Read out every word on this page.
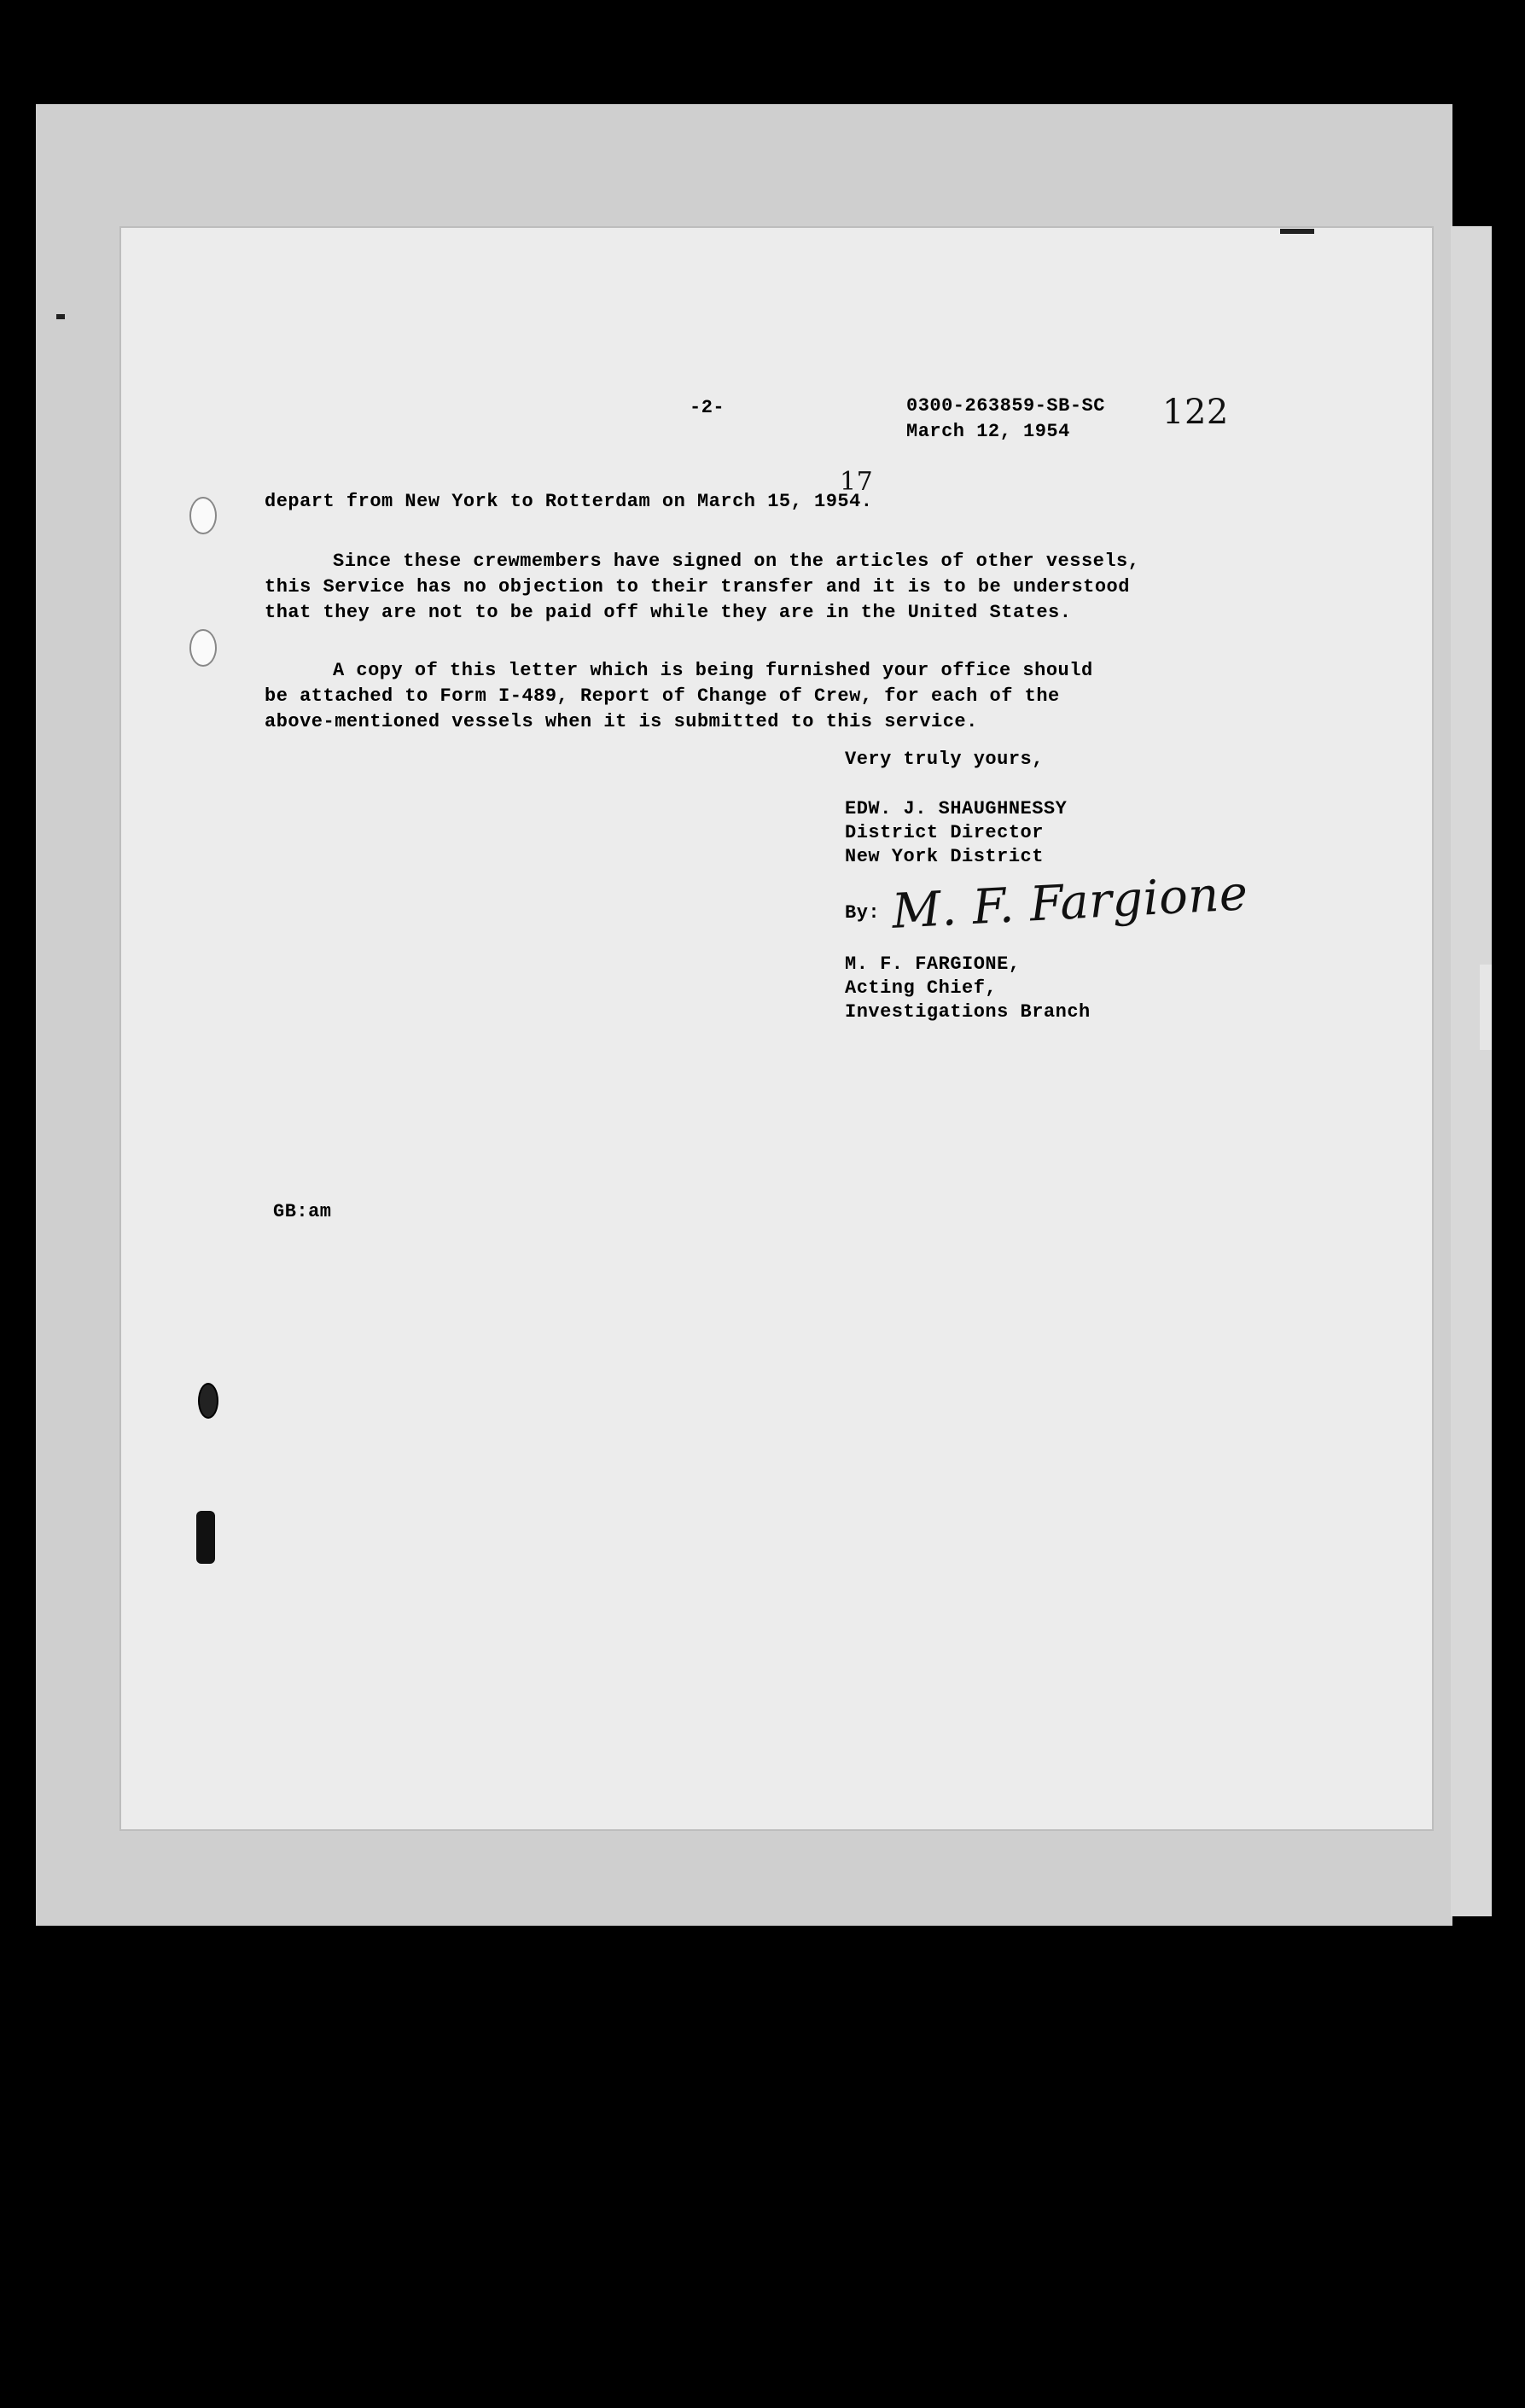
-2-	0300-263859-SB-SC
March 12, 1954	122
17
depart from New York to Rotterdam on March 15, 1954.
Since these crewmembers have signed on the articles of other vessels,
this Service has no objection to their transfer and it is to be understood
that they are not to be paid off while they are in the United States.
A copy of this letter which is being furnished your office should
be attached to Form I-489, Report of Change of Crew, for each of the
above-mentioned vessels when it is submitted to this service.
Very truly yours,
EDW. J. SHAUGHNESSY
District Director
New York District
By: M. F. Fargione
M. F. FARGIONE,
Acting Chief,
Investigations Branch
GB:am
